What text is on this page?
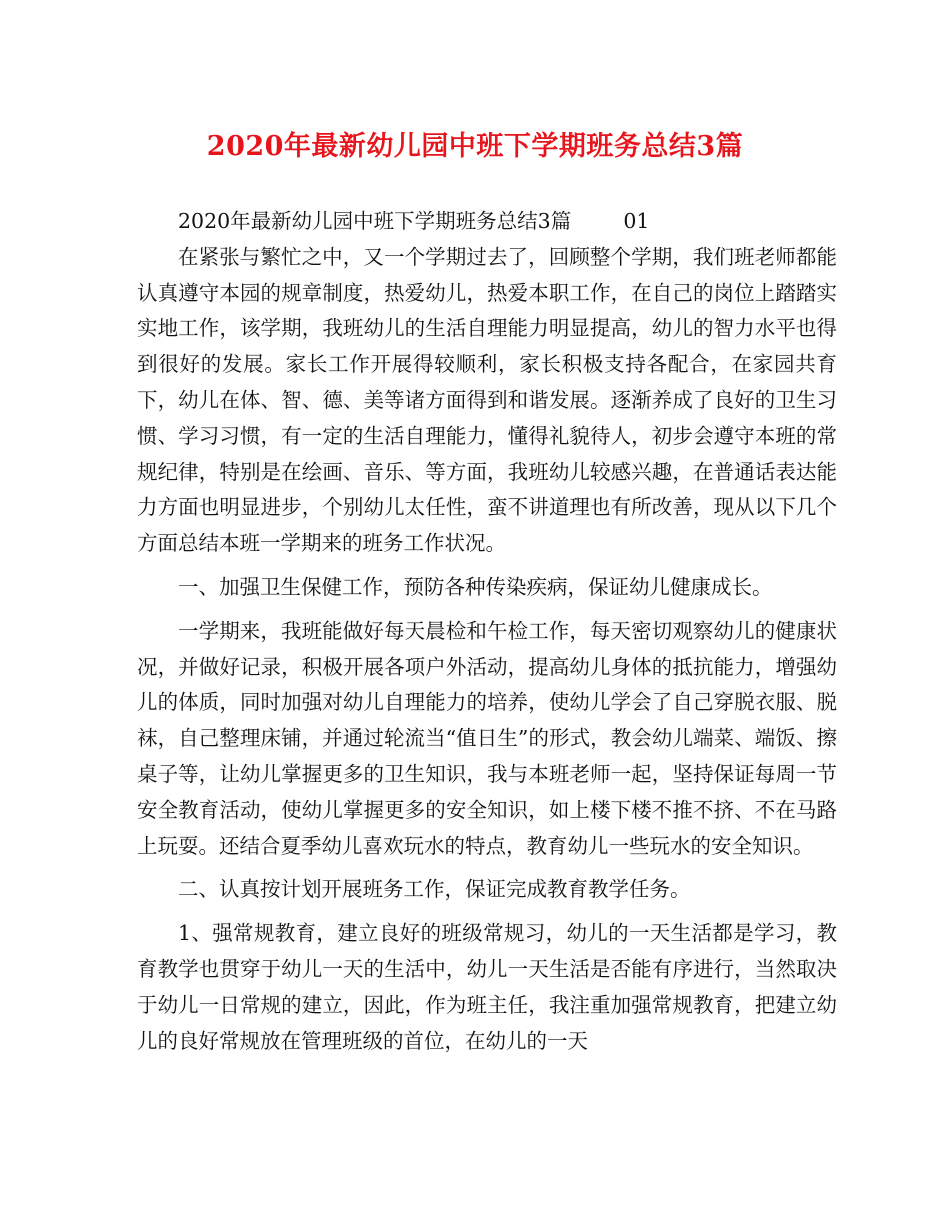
2020年最新幼儿园中班下学期班务总结3篇

2020年最新幼儿园中班下学期班务总结3篇	01

在紧张与繁忙之中，又一个学期过去了，回顾整个学期，我们班老师都能认真遵守本园的规章制度，热爱幼儿，热爱本职工作，在自己的岗位上踏踏实实地工作，该学期，我班幼儿的生活自理能力明显提高，幼儿的智力水平也得到很好的发展。家长工作开展得较顺利，家长积极支持各配合，在家园共育下，幼儿在体、智、德、美等诸方面得到和谐发展。逐渐养成了良好的卫生习惯、学习习惯，有一定的生活自理能力，懂得礼貌待人，初步会遵守本班的常规纪律，特别是在绘画、音乐、等方面，我班幼儿较感兴趣，在普通话表达能力方面也明显进步，个别幼儿太任性，蛮不讲道理也有所改善，现从以下几个方面总结本班一学期来的班务工作状况。

一、加强卫生保健工作，预防各种传染疾病，保证幼儿健康成长。

一学期来，我班能做好每天晨检和午检工作，每天密切观察幼儿的健康状况，并做好记录，积极开展各项户外活动，提高幼儿身体的抵抗能力，增强幼儿的体质，同时加强对幼儿自理能力的培养，使幼儿学会了自己穿脱衣服、脱袜，自己整理床铺，并通过轮流当“值日生”的形式，教会幼儿端菜、端饭、擦桌子等，让幼儿掌握更多的卫生知识，我与本班老师一起，坚持保证每周一节安全教育活动，使幼儿掌握更多的安全知识，如上楼下楼不推不挤、不在马路上玩耍。还结合夏季幼儿喜欢玩水的特点，教育幼儿一些玩水的安全知识。

二、认真按计划开展班务工作，保证完成教育教学任务。

1、强常规教育，建立良好的班级常规习，幼儿的一天生活都是学习，教育教学也贯穿于幼儿一天的生活中，幼儿一天生活是否能有序进行，当然取决于幼儿一日常规的建立，因此，作为班主任，我注重加强常规教育，把建立幼儿的良好常规放在管理班级的首位，在幼儿的一天
